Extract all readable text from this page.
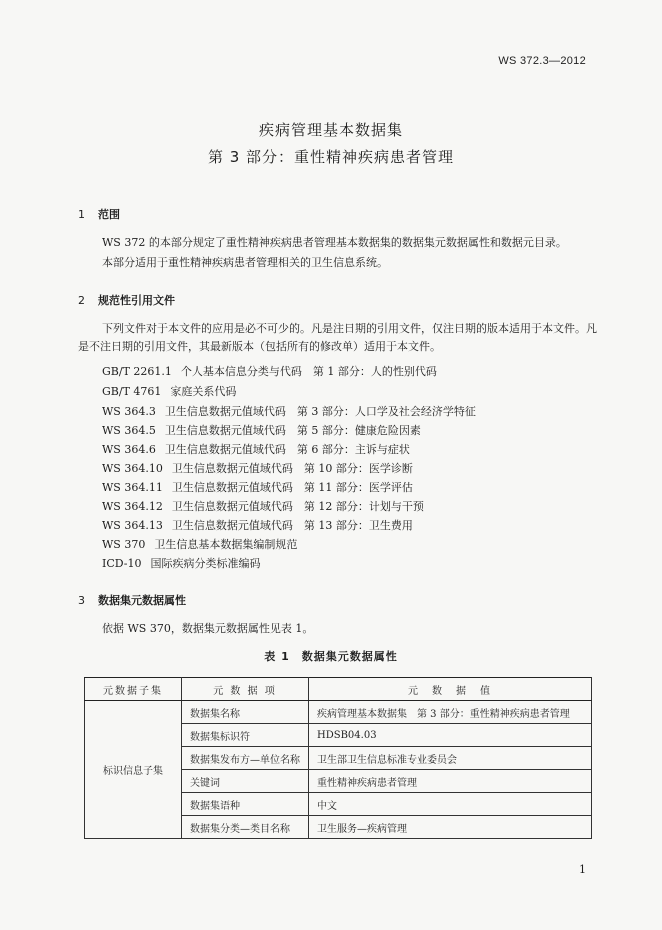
WS 372.3—2012
疾病管理基本数据集
第 3 部分：重性精神疾病患者管理
1 范围

WS 372 的本部分规定了重性精神疾病患者管理基本数据集的数据集元数据属性和数据元目录。

本部分适用于重性精神疾病患者管理相关的卫生信息系统。

2 规范性引用文件

下列文件对于本文件的应用是必不可少的。凡是注日期的引用文件，仅注日期的版本适用于本文件。凡是不注日期的引用文件，其最新版本（包括所有的修改单）适用于本文件。

GB/T 2261.1 个人基本信息分类与代码　第 1 部分：人的性别代码
GB/T 4761 家庭关系代码
WS 364.3 卫生信息数据元值域代码　第 3 部分：人口学及社会经济学特征
WS 364.5 卫生信息数据元值域代码　第 5 部分：健康危险因素
WS 364.6 卫生信息数据元值域代码　第 6 部分：主诉与症状
WS 364.10 卫生信息数据元值域代码　第 10 部分：医学诊断
WS 364.11 卫生信息数据元值域代码　第 11 部分：医学评估
WS 364.12 卫生信息数据元值域代码　第 12 部分：计划与干预
WS 364.13 卫生信息数据元值域代码　第 13 部分：卫生费用
WS 370 卫生信息基本数据集编制规范
ICD-10 国际疾病分类标准编码
3 数据集元数据属性

依据 WS 370，数据集元数据属性见表 1。

表 1　数据集元数据属性
元数据子集	元 数 据 项	元　数　据　值
标识信息子集	数据集名称	疾病管理基本数据集　第 3 部分：重性精神疾病患者管理
	数据集标识符	HDSB04.03
	数据集发布方—单位名称	卫生部卫生信息标准专业委员会
	关键词	重性精神疾病患者管理
	数据集语种	中文
	数据集分类—类目名称	卫生服务—疾病管理
1
